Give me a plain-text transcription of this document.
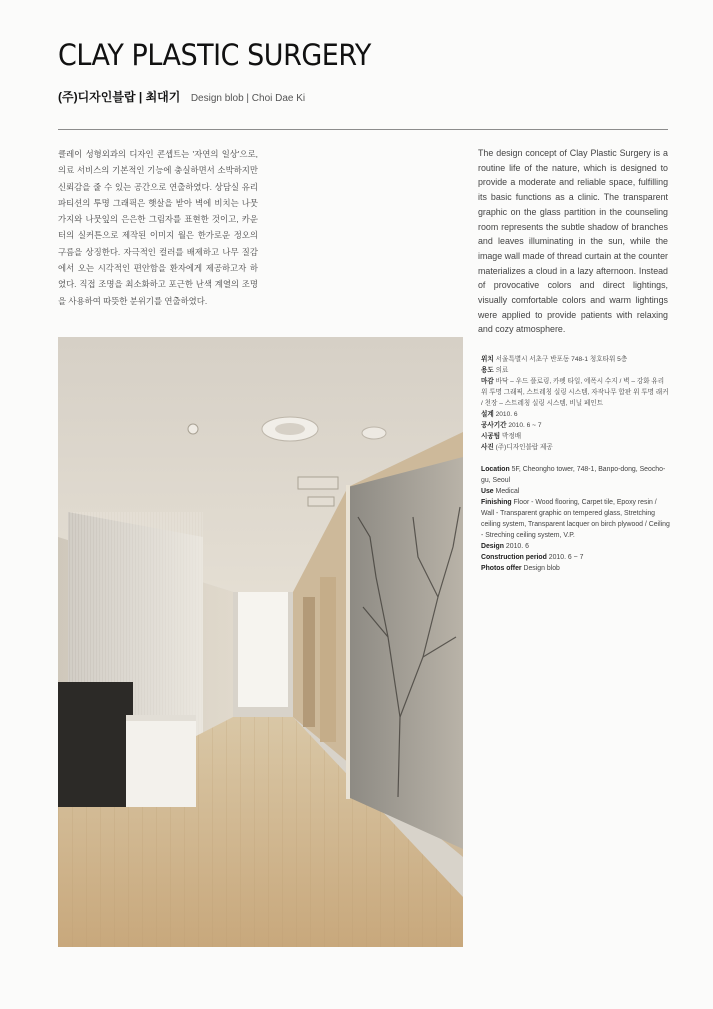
CLAY PLASTIC SURGERY
(주)디자인블랍 | 최대기 Design blob | Choi Dae Ki

클레이 성형외과의 디자인 콘셉트는 '자연의 일상'으로, 의료 서비스의 기본적인 기능에 충실하면서 소박하지만 신뢰감을 줄 수 있는 공간으로 연출하였다. 상담실 유리 파티션의 투명 그래픽은 햇살을 받아 벽에 비치는 나뭇가지와 나뭇잎의 은은한 그림자를 표현한 것이고, 카운터의 실커튼으로 제작된 이미지 월은 한가로운 정오의 구름을 상징한다. 자극적인 컬러를 배제하고 나무 질감에서 오는 시각적인 편안함을 환자에게 제공하고자 하였다. 직접 조명을 최소화하고 포근한 난색 계열의 조명을 사용하여 따뜻한 분위기를 연출하였다.

The design concept of Clay Plastic Surgery is a routine life of the nature, which is designed to provide a moderate and reliable space, fulfilling its basic functions as a clinic. The transparent graphic on the glass partition in the counseling room represents the subtle shadow of branches and leaves illuminating in the sun, while the image wall made of thread curtain at the counter materializes a cloud in a lazy afternoon. Instead of provocative colors and direct lightings, visually comfortable colors and warm lightings were applied to provide patients with relaxing and cozy atmosphere.

위치 서울특별시 서초구 반포동 748-1 청호타워 5층
용도 의료
마감 바닥 – 우드 플로링, 카펫 타일, 에폭시 수지 / 벽 – 강화 유리 위 투명 그래픽, 스트레칭 실링 시스템, 자작나무 합판 위 투명 래커 / 천장 – 스트레칭 실링 시스템, 비닐 페인트
설계 2010. 6
공사기간 2010. 6 ~ 7
시공팀 박정배
사진 (주)디자인블랍 제공
Location 5F, Cheongho tower, 748-1, Banpo-dong, Seocho-gu, Seoul
Use Medical
Finishing Floor - Wood flooring, Carpet tile, Epoxy resin / Wall - Transparent graphic on tempered glass, Stretching ceiling system, Transparent lacquer on birch plywood / Ceiling - Streching ceiling system, V.P.
Design 2010. 6
Construction period 2010. 6 ~ 7
Photos offer Design blob
